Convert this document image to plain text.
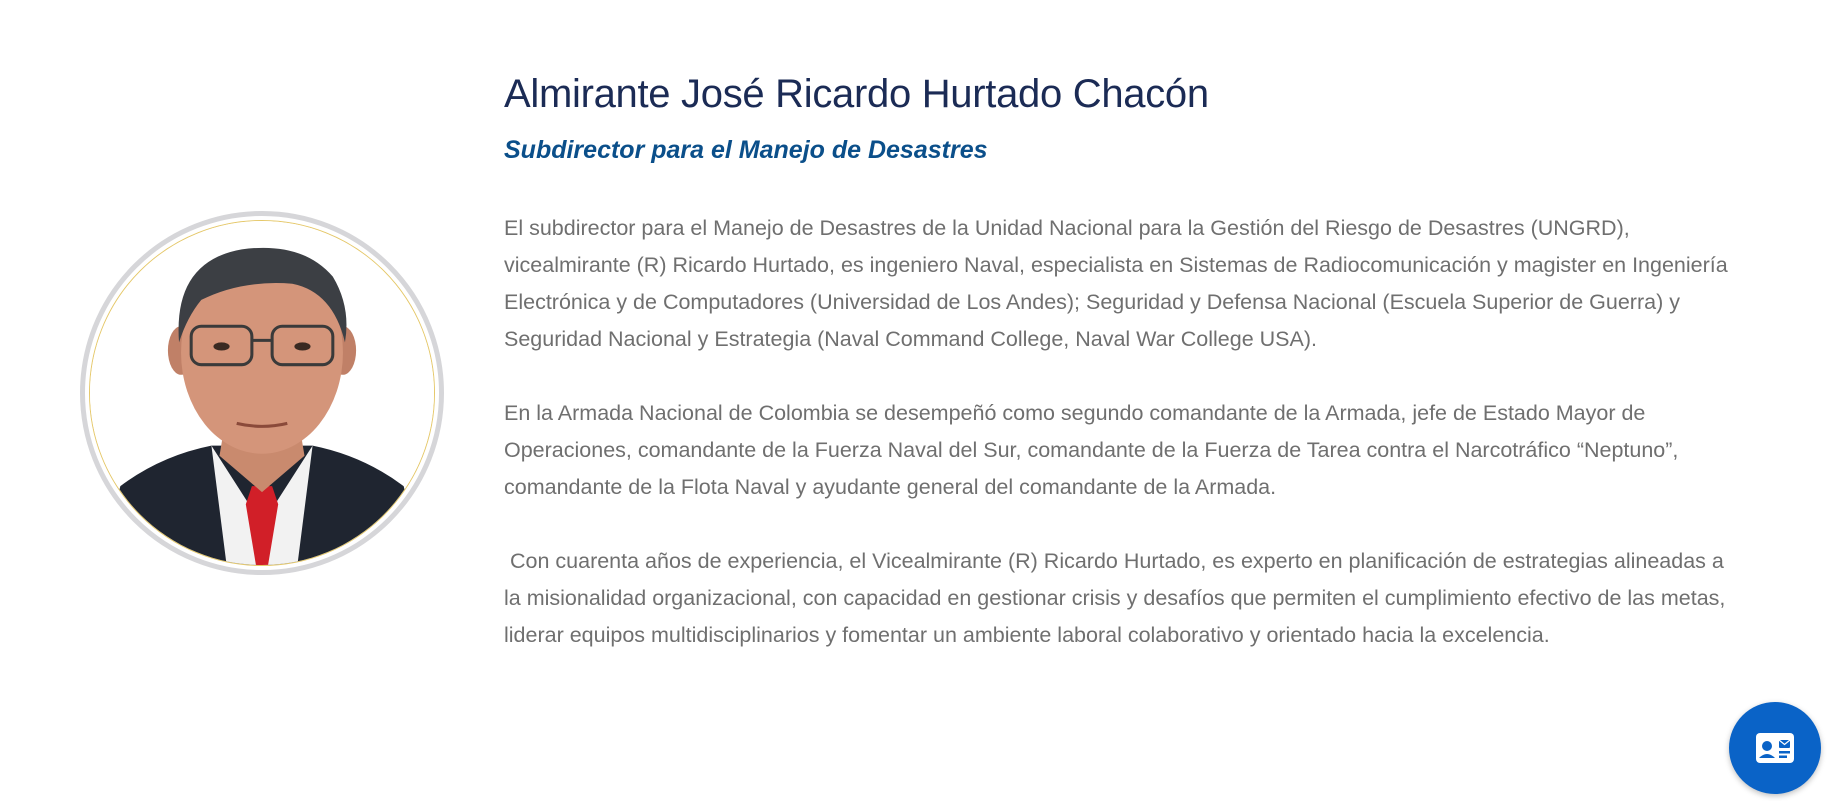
Almirante José Ricardo Hurtado Chacón
Subdirector para el Manejo de Desastres

El subdirector para el Manejo de Desastres de la Unidad Nacional para la Gestión del Riesgo de Desastres (UNGRD), vicealmirante (R) Ricardo Hurtado, es ingeniero Naval, especialista en Sistemas de Radiocomunicación y magister en Ingeniería Electrónica y de Computadores (Universidad de Los Andes); Seguridad y Defensa Nacional (Escuela Superior de Guerra) y Seguridad Nacional y Estrategia (Naval Command College, Naval War College USA).

En la Armada Nacional de Colombia se desempeñó como segundo comandante de la Armada, jefe de Estado Mayor de Operaciones, comandante de la Fuerza Naval del Sur, comandante de la Fuerza de Tarea contra el Narcotráfico “Neptuno”, comandante de la Flota Naval y ayudante general del comandante de la Armada.

Con cuarenta años de experiencia, el Vicealmirante (R) Ricardo Hurtado, es experto en planificación de estrategias alineadas a la misionalidad organizacional, con capacidad en gestionar crisis y desafíos que permiten el cumplimiento efectivo de las metas, liderar equipos multidisciplinarios y fomentar un ambiente laboral colaborativo y orientado hacia la excelencia.
